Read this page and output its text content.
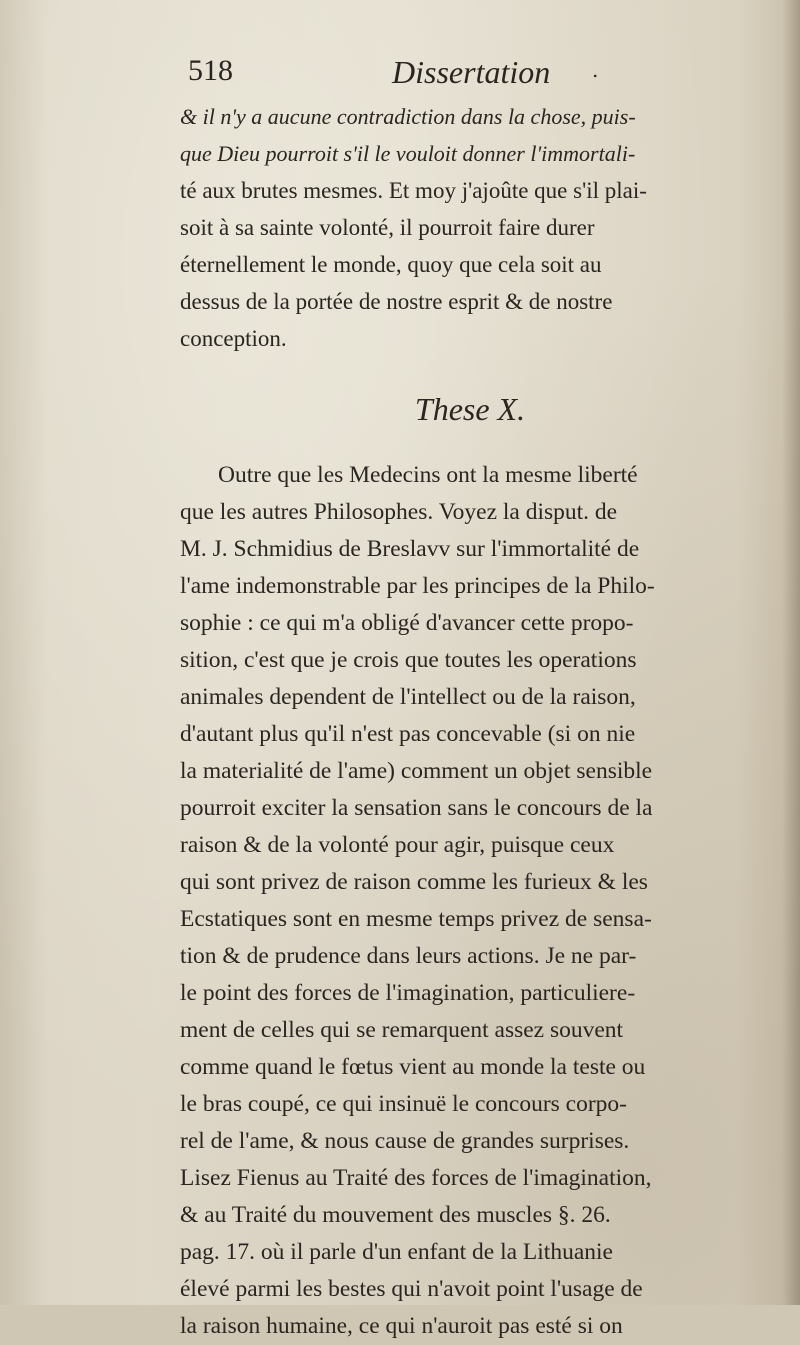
518	Dissertation .
& il n'y a aucune contradiction dans la chose, puis-
que Dieu pourroit s'il le vouloit donner l'immortali-
té aux brutes mesmes. Et moy j'ajoûte que s'il plai-
soit à sa sainte volonté, il pourroit faire durer
éternellement le monde, quoy que cela soit au
dessus de la portée de nostre esprit & de nostre
conception.
These X.
Outre que les Medecins ont la mesme liberté
que les autres Philosophes. Voyez la disput. de
M. J. Schmidius de Breslavv sur l'immortalité de
l'ame indemonstrable par les principes de la Philo-
sophie : ce qui m'a obligé d'avancer cette propo-
sition, c'est que je crois que toutes les operations
animales dependent de l'intellect ou de la raison,
d'autant plus qu'il n'est pas concevable (si on nie
la materialité de l'ame) comment un objet sensible
pourroit exciter la sensation sans le concours de la
raison & de la volonté pour agir, puisque ceux
qui sont privez de raison comme les furieux & les
Ecstatiques sont en mesme temps privez de sensa-
tion & de prudence dans leurs actions. Je ne par-
le point des forces de l'imagination, particuliere-
ment de celles qui se remarquent assez souvent
comme quand le fœtus vient au monde la teste ou
le bras coupé, ce qui insinuë le concours corpo-
rel de l'ame, & nous cause de grandes surprises.
Lisez Fienus au Traité des forces de l'imagination,
& au Traité du mouvement des muscles §. 26.
pag. 17. où il parle d'un enfant de la Lithuanie
élevé parmi les bestes qui n'avoit point l'usage de
la raison humaine, ce qui n'auroit pas esté si on
